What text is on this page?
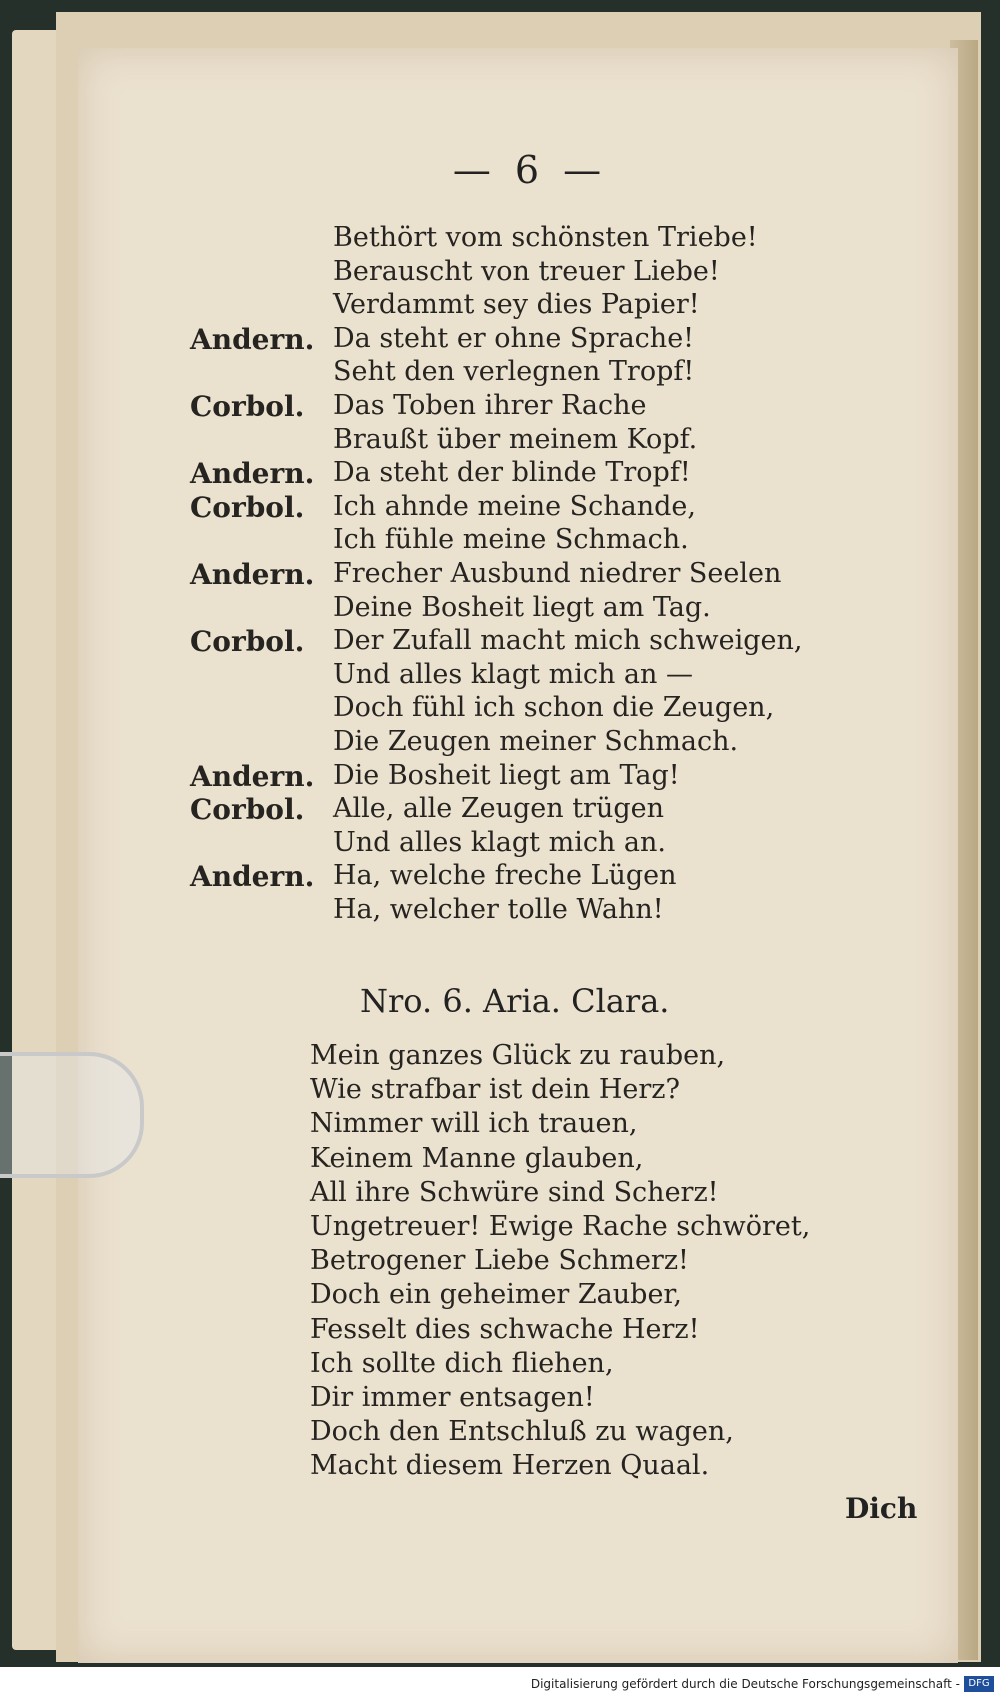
— 6 —
Bethört vom schönsten Triebe!
Berauscht von treuer Liebe!
Verdammt sey dies Papier!
Andern. Da steht er ohne Sprache!
Seht den verlegnen Tropf!
Corbol. Das Toben ihrer Rache
Braußt über meinem Kopf.
Andern. Da steht der blinde Tropf!
Corbol. Ich ahnde meine Schande,
Ich fühle meine Schmach.
Andern. Frecher Ausbund niedrer Seelen
Deine Bosheit liegt am Tag.
Corbol. Der Zufall macht mich schweigen,
Und alles klagt mich an —
Doch fühl ich schon die Zeugen,
Die Zeugen meiner Schmach.
Andern. Die Bosheit liegt am Tag!
Corbol. Alle, alle Zeugen trügen
Und alles klagt mich an.
Andern. Ha, welche freche Lügen
Ha, welcher tolle Wahn!
Nro. 6. Aria. Clara.
Mein ganzes Glück zu rauben,
Wie strafbar ist dein Herz?
Nimmer will ich trauen,
Keinem Manne glauben,
All ihre Schwüre sind Scherz!
Ungetreuer! Ewige Rache schwöret,
Betrogener Liebe Schmerz!
Doch ein geheimer Zauber,
Fesselt dies schwache Herz!
Ich sollte dich fliehen,
Dir immer entsagen!
Doch den Entschluß zu wagen,
Macht diesem Herzen Quaal.
Dich
Digitalisierung gefördert durch die Deutsche Forschungsgemeinschaft - DFG
